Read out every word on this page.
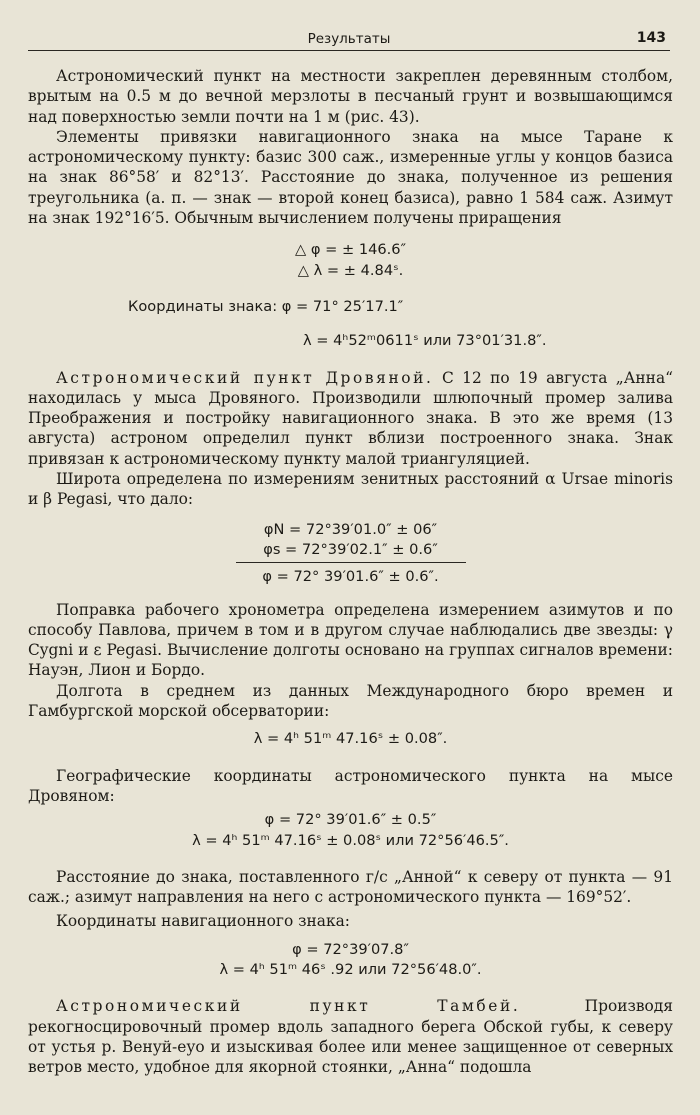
Результаты	143

Астрономический пункт на местности закреплен деревянным столбом, врытым на 0.5 м до вечной мерзлоты в песчаный грунт и возвышающимся над поверхностью земли почти на 1 м (рис. 43).

Элементы привязки навигационного знака на мысе Таране к астрономическому пункту: базис 300 саж., измеренные углы у концов базиса на знак 86°58′ и 82°13′. Расстояние до знака, полученное из решения треугольника (а. п. — знак — второй конец базиса), равно 1 584 саж. Азимут на знак 192°16′5. Обычным вычислением получены приращения

△ φ = ± 146.6″

△ λ = ± 4.84ˢ.

Координаты знака: φ = 71° 25′17.1″

λ = 4ʰ52ᵐ0611ˢ или 73°01′31.8″.

Астрономический пункт Дровяной. С 12 по 19 августа „Анна“ находилась у мыса Дровяного. Производили шлюпочный промер залива Преображения и постройку навигационного знака. В это же время (13 августа) астроном определил пункт вблизи построенного знака. Знак привязан к астрономическому пункту малой триангуляцией.

Широта определена по измерениям зенитных расстояний α Ursae minoris и β Pegasi, что дало:

φN = 72°39′01.0″ ± 06″

φs = 72°39′02.1″ ± 0.6″

φ = 72° 39′01.6″ ± 0.6″.

Поправка рабочего хронометра определена измерением азимутов и по способу Павлова, причем в том и в другом случае наблюдались две звезды: γ Cygni и ε Pegasi. Вычисление долготы основано на группах сигналов времени: Науэн, Лион и Бордо.

Долгота в среднем из данных Международного бюро времен и Гамбургской морской обсерватории:

λ = 4ʰ 51ᵐ 47.16ˢ ± 0.08″.

Географические координаты астрономического пункта на мысе Дровяном:

φ = 72° 39′01.6″ ± 0.5″

λ = 4ʰ 51ᵐ 47.16ˢ ± 0.08ˢ или 72°56′46.5″.

Расстояние до знака, поставленного г/с „Анной“ к северу от пункта — 91 саж.; азимут направления на него с астрономического пункта — 169°52′.

Координаты навигационного знака:

φ = 72°39′07.8″

λ = 4ʰ 51ᵐ 46ˢ .92 или 72°56′48.0″.

Астрономический пункт Тамбей.	Производя рекогносцировочный промер вдоль западного берега Обской губы, к северу от устья р. Венуй-еуо и изыскивая более или менее защищенное от северных ветров место, удобное для якорной стоянки, „Анна“ подошла
